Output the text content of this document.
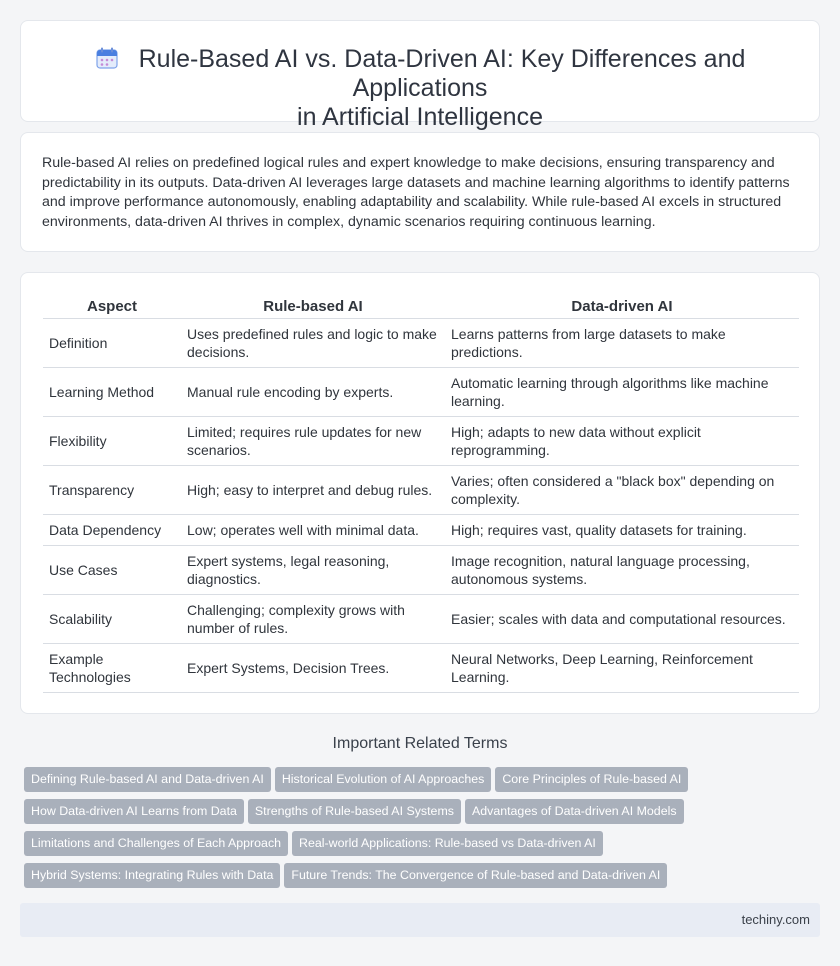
Rule-Based AI vs. Data-Driven AI: Key Differences and Applications
in Artificial Intelligence

Rule-based AI relies on predefined logical rules and expert knowledge to make decisions, ensuring transparency and predictability in its outputs. Data-driven AI leverages large datasets and machine learning algorithms to identify patterns and improve performance autonomously, enabling adaptability and scalability. While rule-based AI excels in structured environments, data-driven AI thrives in complex, dynamic scenarios requiring continuous learning.

Aspect	Rule-based AI	Data-driven AI
Definition	Uses predefined rules and logic to make decisions.	Learns patterns from large datasets to make predictions.
Learning Method	Manual rule encoding by experts.	Automatic learning through algorithms like machine learning.
Flexibility	Limited; requires rule updates for new scenarios.	High; adapts to new data without explicit reprogramming.
Transparency	High; easy to interpret and debug rules.	Varies; often considered a "black box" depending on complexity.
Data Dependency	Low; operates well with minimal data.	High; requires vast, quality datasets for training.
Use Cases	Expert systems, legal reasoning, diagnostics.	Image recognition, natural language processing, autonomous systems.
Scalability	Challenging; complexity grows with number of rules.	Easier; scales with data and computational resources.
Example Technologies	Expert Systems, Decision Trees.	Neural Networks, Deep Learning, Reinforcement Learning.
Important Related Terms
Defining Rule-based AI and Data-driven AI Historical Evolution of AI Approaches Core Principles of Rule-based AI
How Data-driven AI Learns from Data Strengths of Rule-based AI Systems Advantages of Data-driven AI Models
Limitations and Challenges of Each Approach Real-world Applications: Rule-based vs Data-driven AI
Hybrid Systems: Integrating Rules with Data Future Trends: The Convergence of Rule-based and Data-driven AI
techiny.com
